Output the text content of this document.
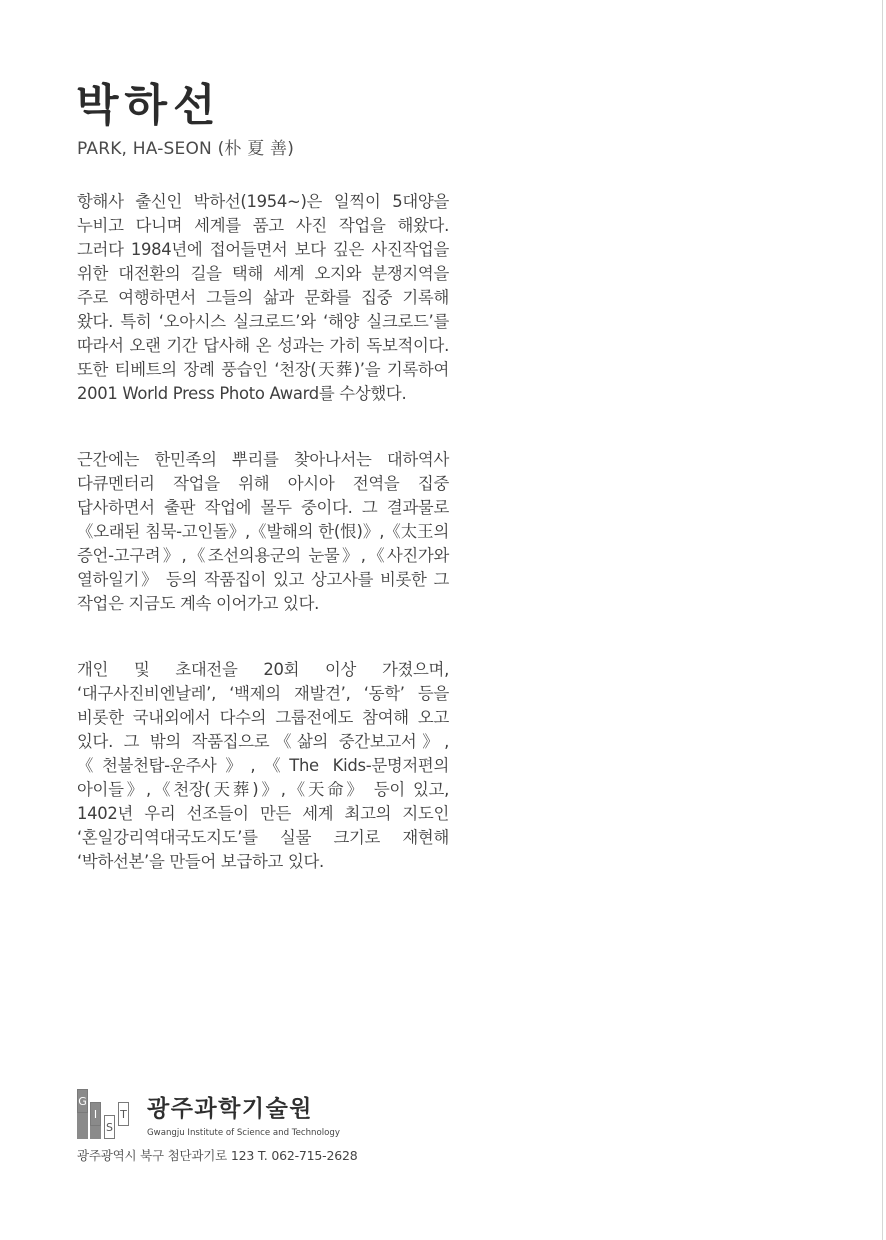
박하선
PARK, HA-SEON (朴 夏 善)

항해사 출신인 박하선(1954~)은 일찍이 5대양을 누비고 다니며 세계를 품고 사진 작업을 해왔다. 그러다 1984년에 접어들면서 보다 깊은 사진작업을 위한 대전환의 길을 택해 세계 오지와 분쟁지역을 주로 여행하면서 그들의 삶과 문화를 집중 기록해 왔다. 특히 ‘오아시스 실크로드’와 ‘해양 실크로드’를 따라서 오랜 기간 답사해 온 성과는 가히 독보적이다. 또한 티베트의 장례 풍습인 ‘천장(天葬)’을 기록하여 2001 World Press Photo Award를 수상했다.

근간에는 한민족의 뿌리를 찾아나서는 대하역사 다큐멘터리 작업을 위해 아시아 전역을 집중 답사하면서 출판 작업에 몰두 중이다. 그 결과물로《오래된 침묵-고인돌》,《발해의 한(恨)》,《太王의 증언-고구려》,《조선의용군의 눈물》,《사진가와 열하일기》 등의 작품집이 있고 상고사를 비롯한 그 작업은 지금도 계속 이어가고 있다.

개인 및 초대전을 20회 이상 가졌으며, ‘대구사진비엔날레’, ‘백제의 재발견’, ‘동학’ 등을 비롯한 국내외에서 다수의 그룹전에도 참여해 오고 있다. 그 밖의 작품집으로《삶의 중간보고서》,《천불천탑-운주사》,《The Kids-문명저편의 아이들》,《천장(天葬)》,《天命》 등이 있고, 1402년 우리 선조들이 만든 세계 최고의 지도인 ‘혼일강리역대국도지도’를 실물 크기로 재현해 ‘박하선본’을 만들어 보급하고 있다.

G
I
S
T 광주과학기술원
Gwangju Institute of Science and Technology
광주광역시 북구 첨단과기로 123 T. 062-715-2628
